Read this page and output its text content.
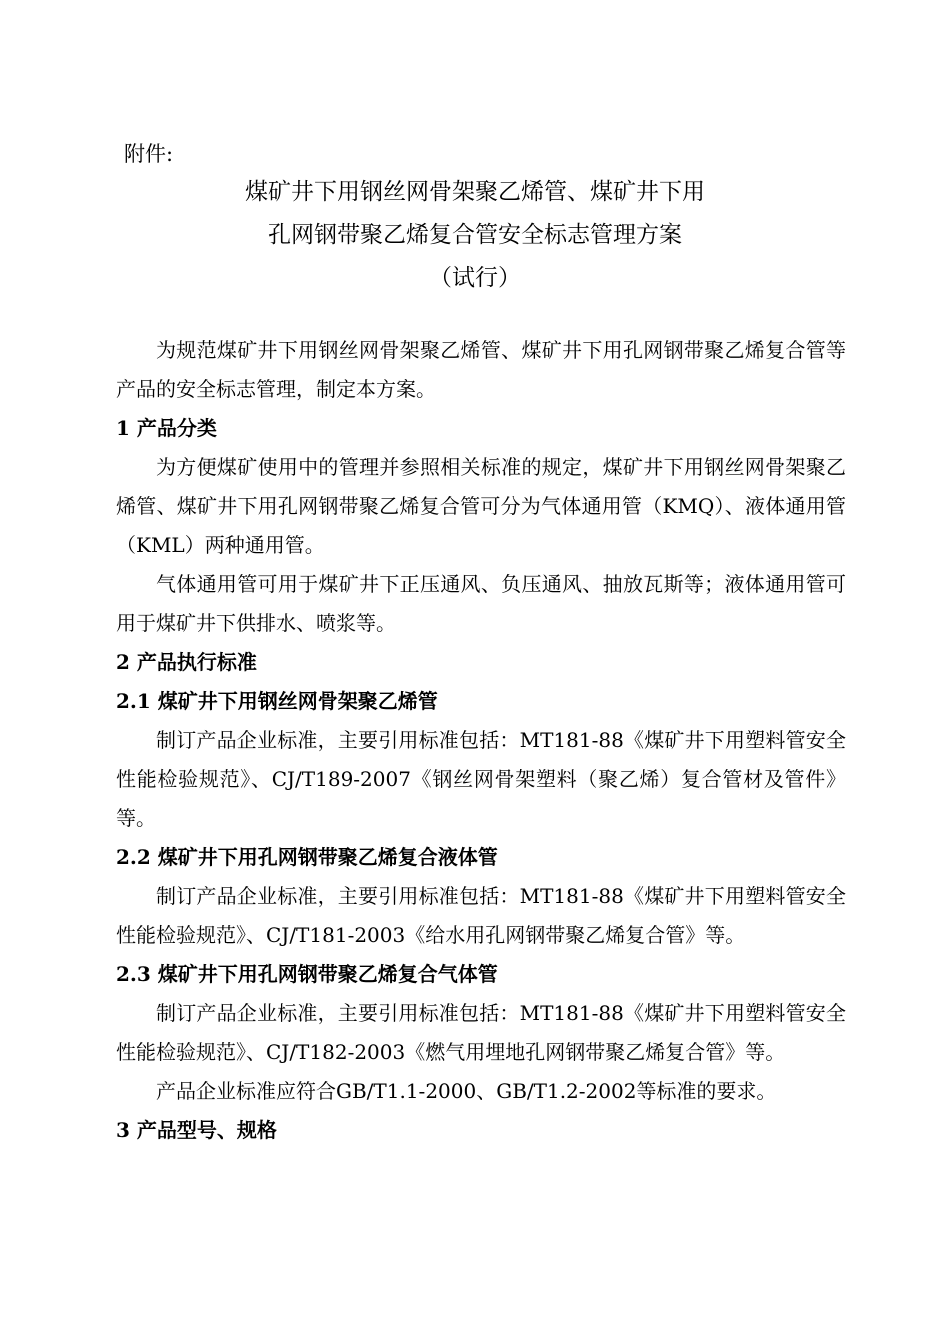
附件:
煤矿井下用钢丝网骨架聚乙烯管、煤矿井下用
孔网钢带聚乙烯复合管安全标志管理方案
（试行）

为规范煤矿井下用钢丝网骨架聚乙烯管、煤矿井下用孔网钢带聚乙烯复合管等产品的安全标志管理，制定本方案。

1 产品分类

为方便煤矿使用中的管理并参照相关标准的规定，煤矿井下用钢丝网骨架聚乙烯管、煤矿井下用孔网钢带聚乙烯复合管可分为气体通用管（KMQ）、液体通用管（KML）两种通用管。

气体通用管可用于煤矿井下正压通风、负压通风、抽放瓦斯等；液体通用管可用于煤矿井下供排水、喷浆等。

2 产品执行标准

2.1 煤矿井下用钢丝网骨架聚乙烯管

制订产品企业标准，主要引用标准包括：MT181-88《煤矿井下用塑料管安全性能检验规范》、CJ/T189-2007《钢丝网骨架塑料（聚乙烯）复合管材及管件》等。

2.2 煤矿井下用孔网钢带聚乙烯复合液体管

制订产品企业标准，主要引用标准包括：MT181-88《煤矿井下用塑料管安全性能检验规范》、CJ/T181-2003《给水用孔网钢带聚乙烯复合管》等。

2.3 煤矿井下用孔网钢带聚乙烯复合气体管

制订产品企业标准，主要引用标准包括：MT181-88《煤矿井下用塑料管安全性能检验规范》、CJ/T182-2003《燃气用埋地孔网钢带聚乙烯复合管》等。

产品企业标准应符合GB/T1.1-2000、GB/T1.2-2002等标准的要求。

3 产品型号、规格
